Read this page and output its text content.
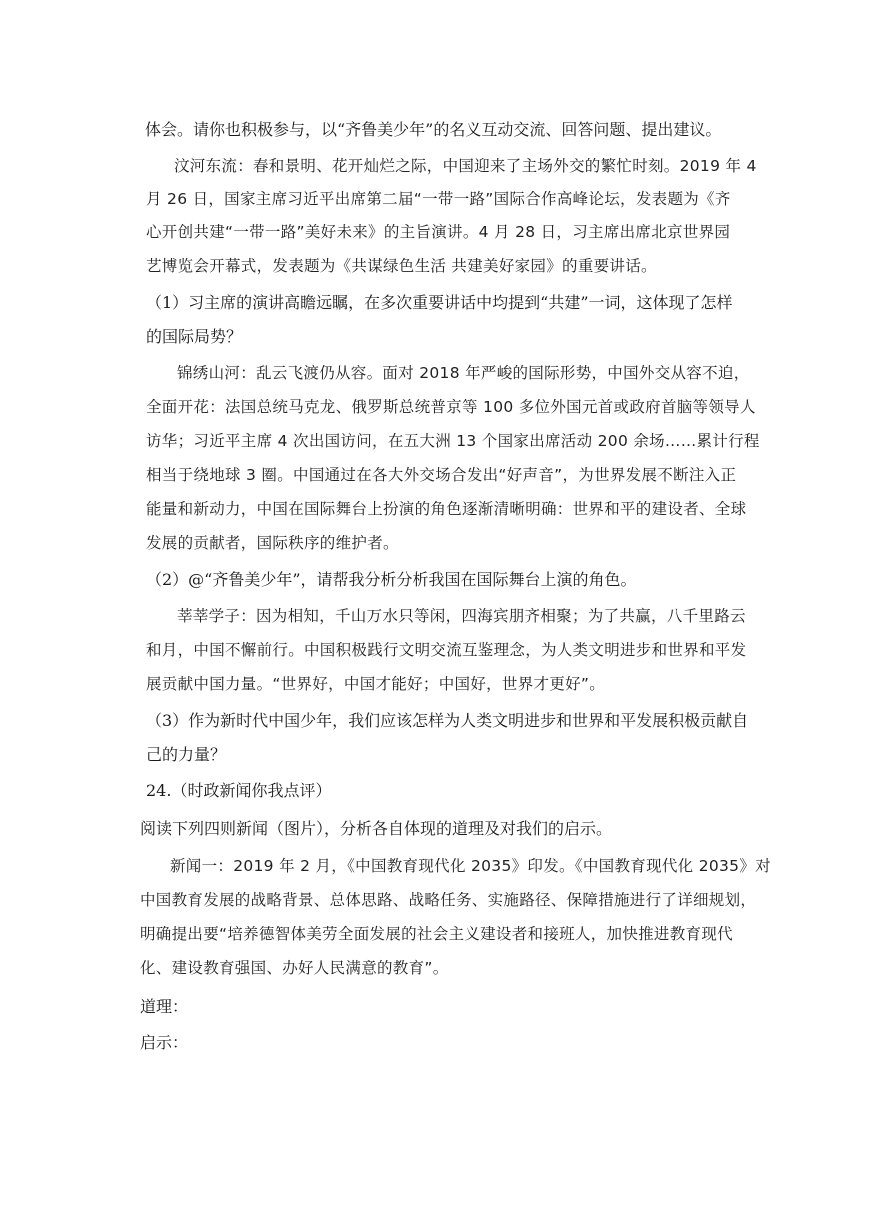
体会。请你也积极参与，以“齐鲁美少年”的名义互动交流、回答问题、提出建议。
汶河东流：春和景明、花开灿烂之际，中国迎来了主场外交的繁忙时刻。2019 年 4
月 26 日，国家主席习近平出席第二届“一带一路”国际合作高峰论坛，发表题为《齐
心开创共建“一带一路”美好未来》的主旨演讲。4 月 28 日，习主席出席北京世界园
艺博览会开幕式，发表题为《共谋绿色生活 共建美好家园》的重要讲话。
（1）习主席的演讲高瞻远瞩，在多次重要讲话中均提到“共建”一词，这体现了怎样
的国际局势？
锦绣山河：乱云飞渡仍从容。面对 2018 年严峻的国际形势，中国外交从容不迫，
全面开花：法国总统马克龙、俄罗斯总统普京等 100 多位外国元首或政府首脑等领导人
访华；习近平主席 4 次出国访问，在五大洲 13 个国家出席活动 200 余场……累计行程
相当于绕地球 3 圈。中国通过在各大外交场合发出“好声音”，为世界发展不断注入正
能量和新动力，中国在国际舞台上扮演的角色逐渐清晰明确：世界和平的建设者、全球
发展的贡献者，国际秩序的维护者。
（2）@“齐鲁美少年”，请帮我分析分析我国在国际舞台上演的角色。
莘莘学子：因为相知，千山万水只等闲，四海宾朋齐相聚；为了共赢，八千里路云
和月，中国不懈前行。中国积极践行文明交流互鉴理念，为人类文明进步和世界和平发
展贡献中国力量。“世界好，中国才能好；中国好，世界才更好”。
（3）作为新时代中国少年，我们应该怎样为人类文明进步和世界和平发展积极贡献自
己的力量？
24.（时政新闻你我点评）
阅读下列四则新闻（图片），分析各自体现的道理及对我们的启示。
新闻一：2019 年 2 月，《中国教育现代化 2035》印发。《中国教育现代化 2035》对
中国教育发展的战略背景、总体思路、战略任务、实施路径、保障措施进行了详细规划，
明确提出要“培养德智体美劳全面发展的社会主义建设者和接班人，加快推进教育现代
化、建设教育强国、办好人民满意的教育”。
道理：
启示：
